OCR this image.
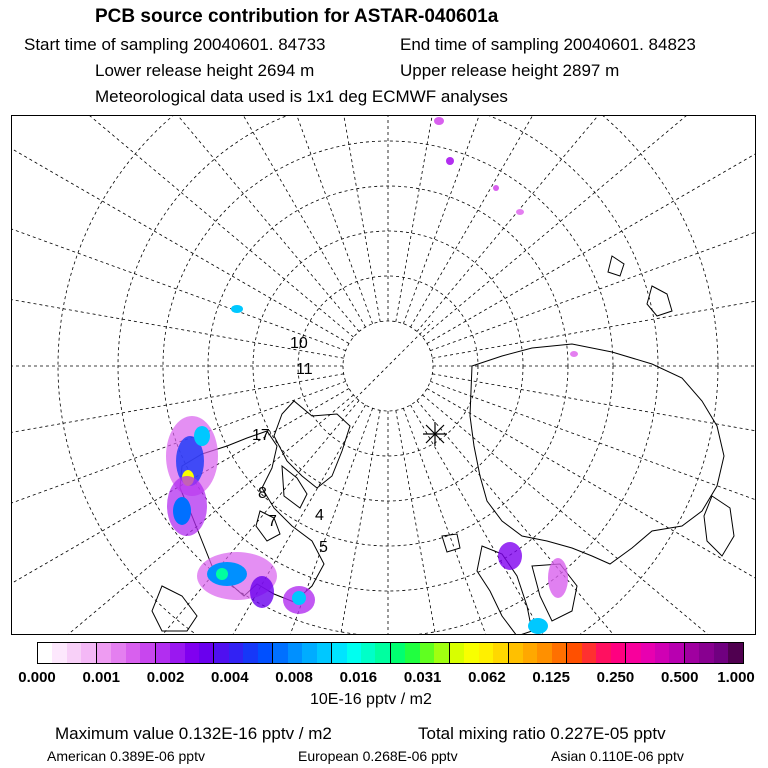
PCB source contribution for ASTAR-040601a
Start time of sampling 20040601. 84733	End time of sampling 20040601. 84823
Lower release height 2694 m	Upper release height 2897 m
Meteorological data used is 1x1 deg ECMWF analyses
10
11
17
8
7 4
5
0.000 0.001 0.002 0.004 0.008 0.016 0.031 0.062 0.125 0.250 0.500 1.000
10E-16 pptv / m2
Maximum value 0.132E-16 pptv / m2	Total mixing ratio 0.227E-05 pptv
American 0.389E-06 pptv	European 0.268E-06 pptv	Asian 0.110E-06 pptv
